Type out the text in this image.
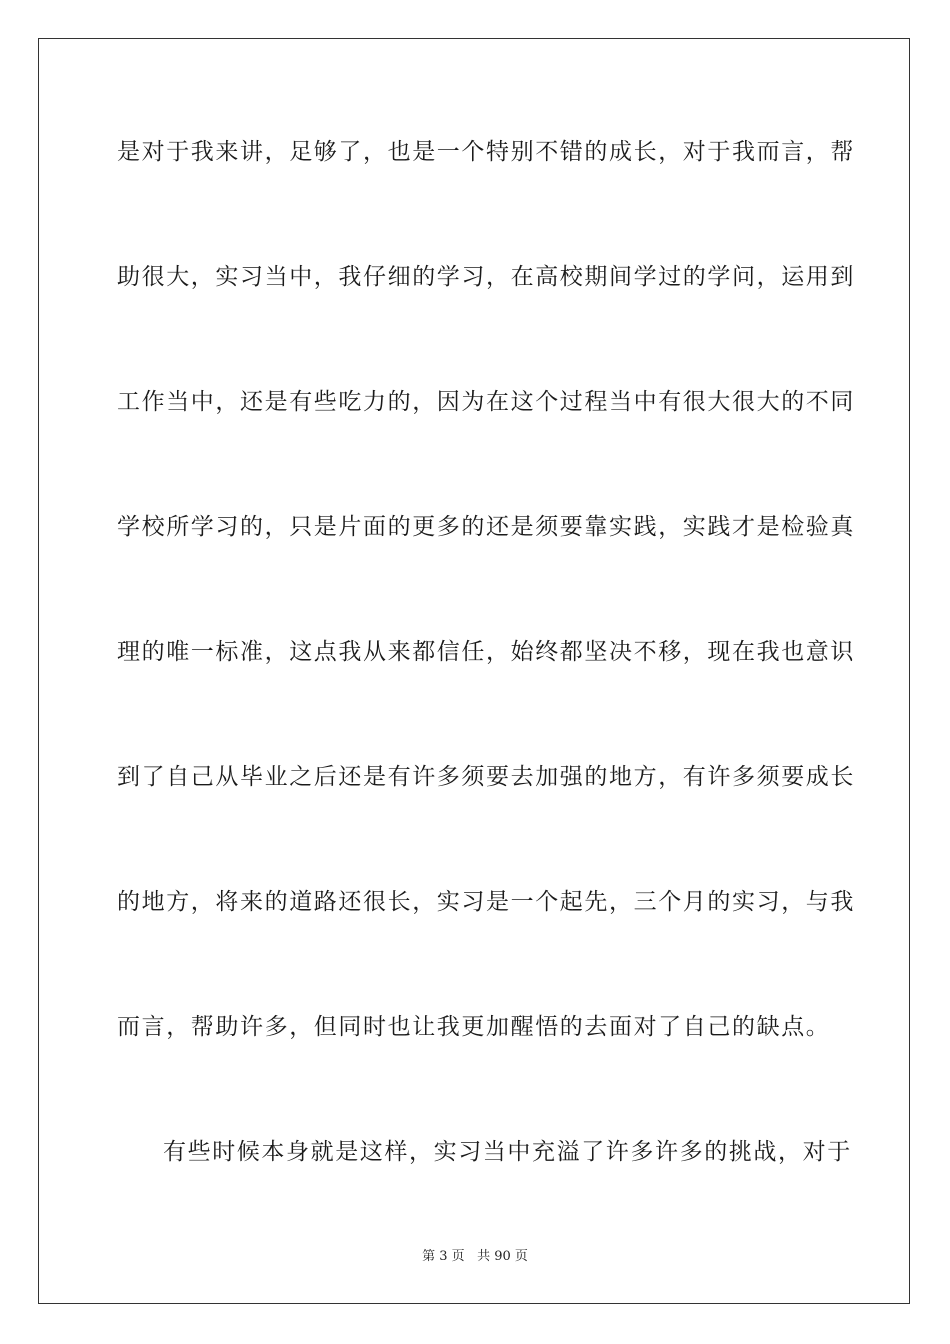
是对于我来讲，足够了，也是一个特别不错的成长，对于我而言，帮

助很大，实习当中，我仔细的学习，在高校期间学过的学问，运用到

工作当中，还是有些吃力的，因为在这个过程当中有很大很大的不同

学校所学习的，只是片面的更多的还是须要靠实践，实践才是检验真

理的唯一标准，这点我从来都信任，始终都坚决不移，现在我也意识

到了自己从毕业之后还是有许多须要去加强的地方，有许多须要成长

的地方，将来的道路还很长，实习是一个起先，三个月的实习，与我

而言，帮助许多，但同时也让我更加醒悟的去面对了自己的缺点。

有些时候本身就是这样，实习当中充溢了许多许多的挑战，对于

第 3 页 共 90 页
